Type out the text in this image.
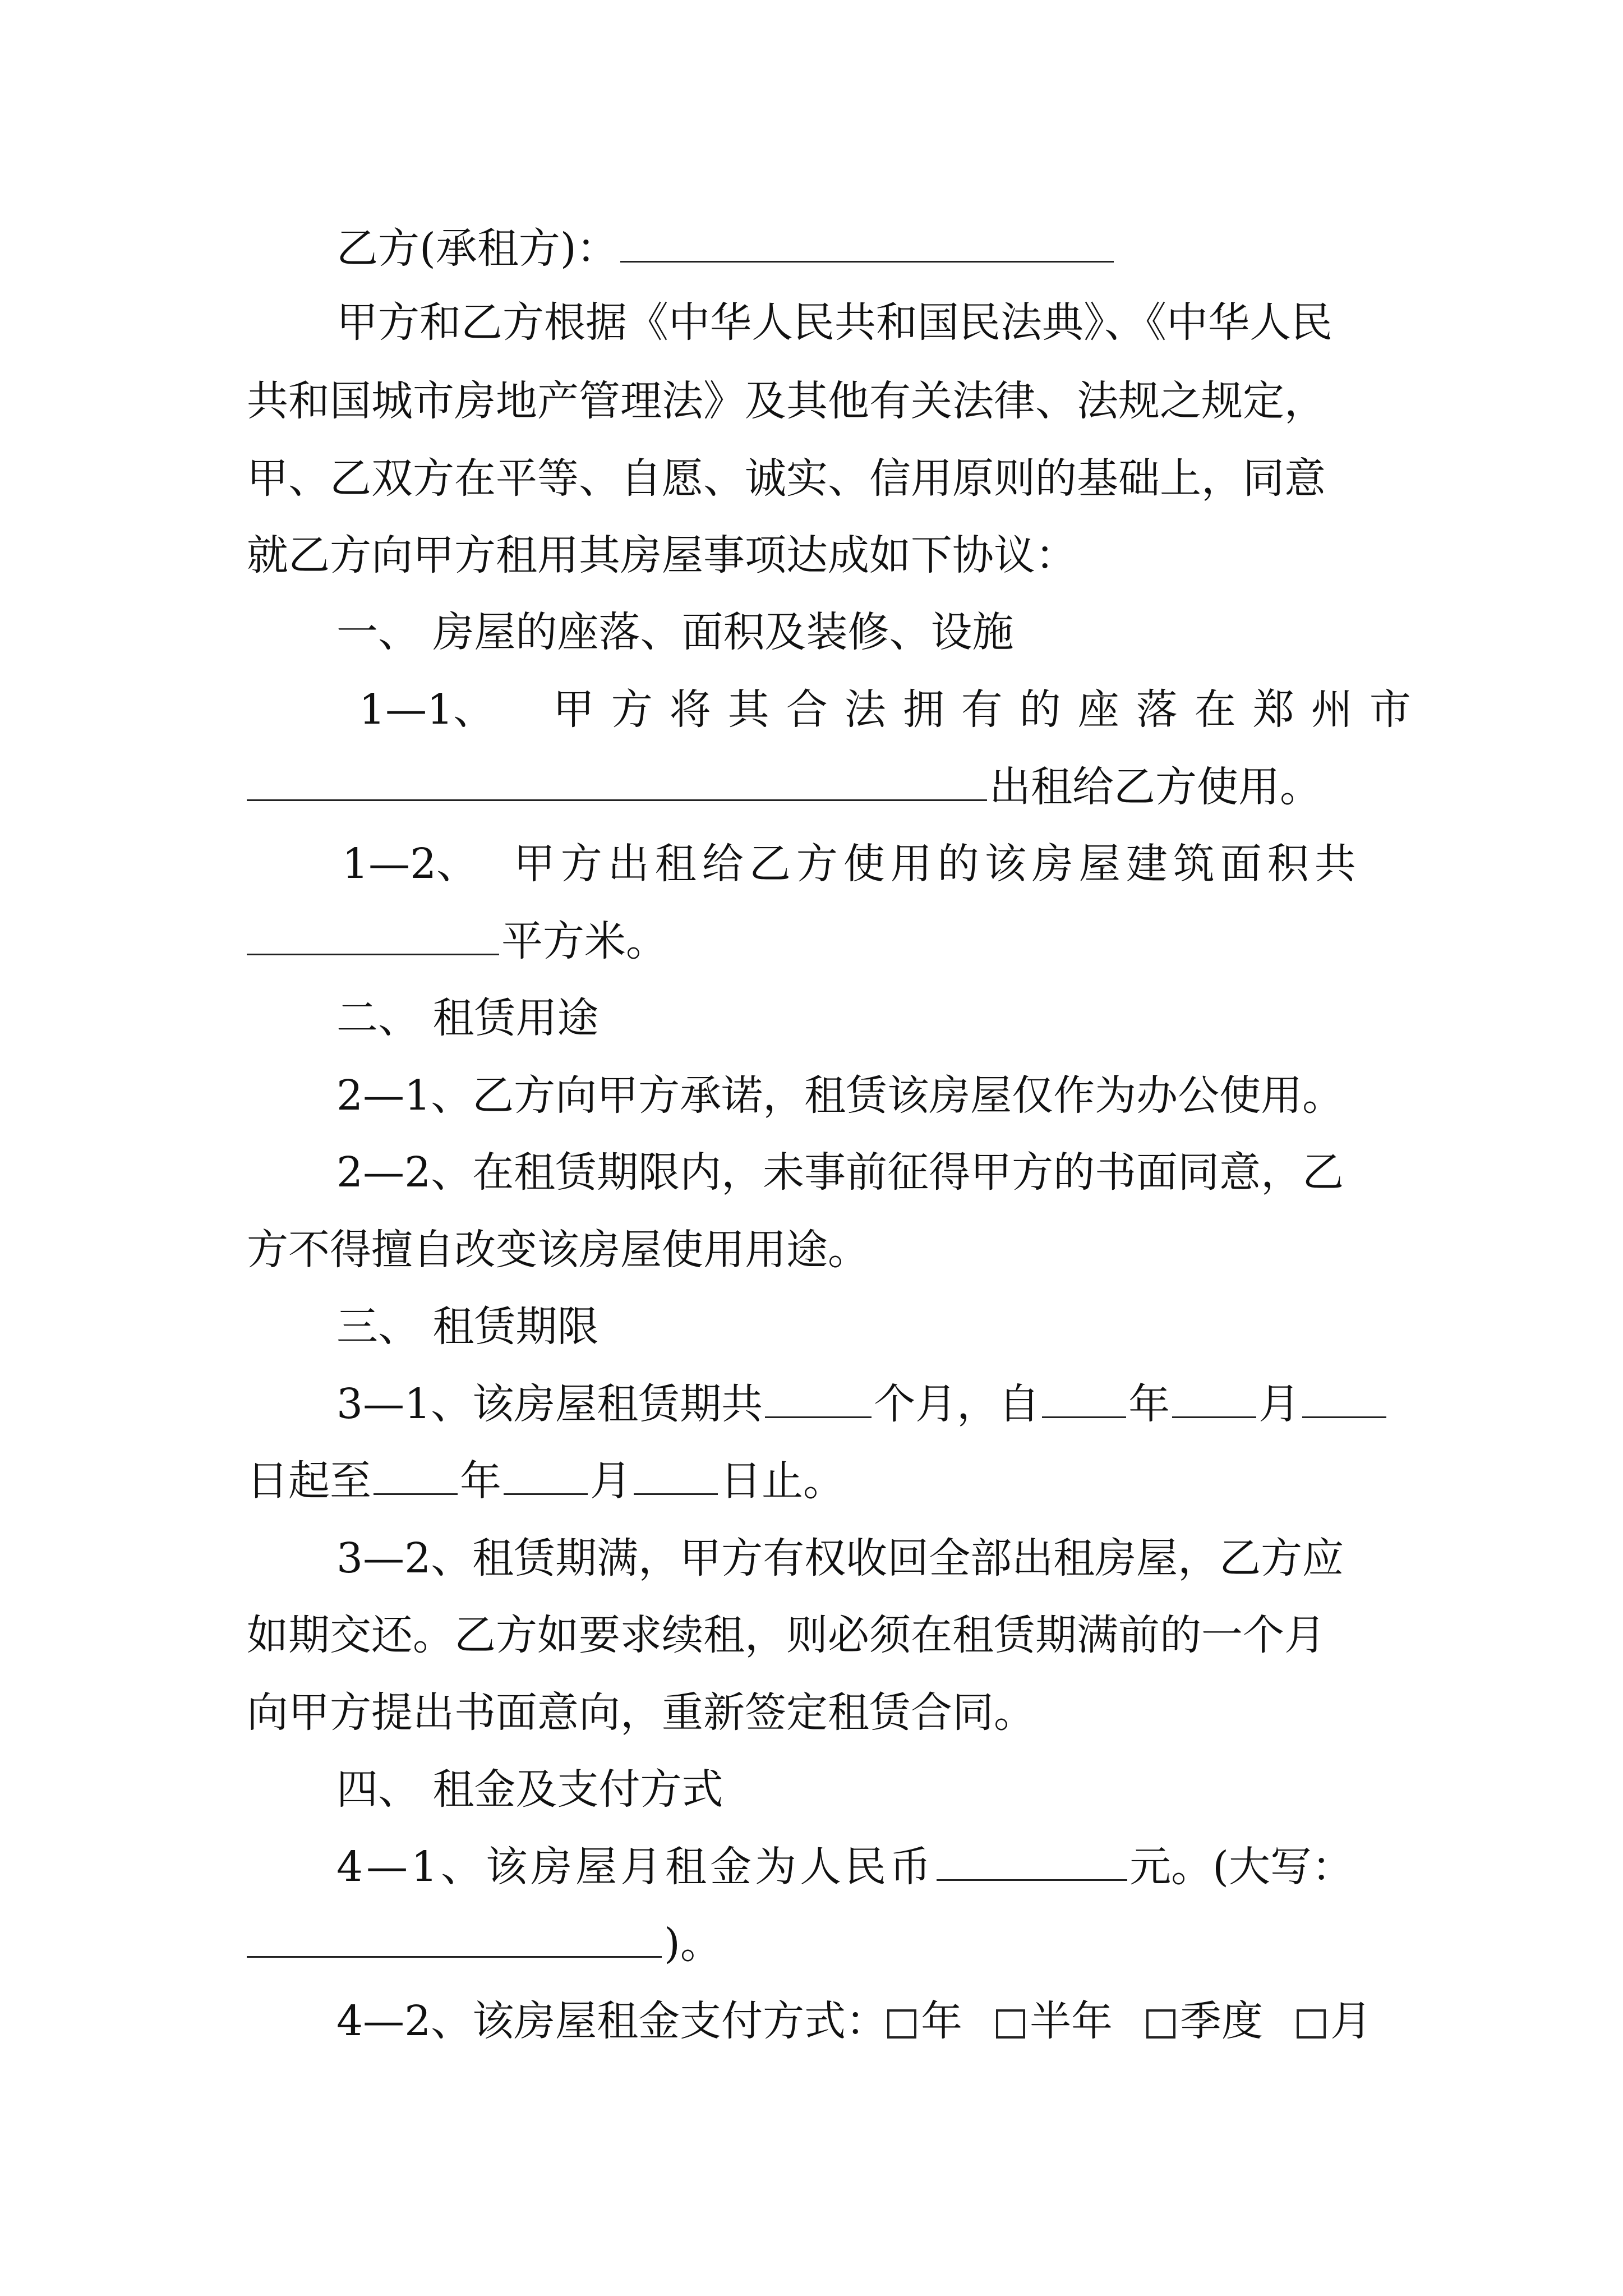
乙方(承租方)：
甲方和乙方根据《中华人民共和国民法典》、《中华人民
共和国城市房地产管理法》及其他有关法律、法规之规定，
甲、乙双方在平等、自愿、诚实、信用原则的基础上，同意
就乙方向甲方租用其房屋事项达成如下协议：
一、 房屋的座落、面积及装修、设施
1—1、 甲方将其合法拥有的座落在郑州市
出租给乙方使用。
1—2、 甲方出租给乙方使用的该房屋建筑面积共
平方米。
二、 租赁用途
2—1、乙方向甲方承诺，租赁该房屋仅作为办公使用。
2—2、在租赁期限内，未事前征得甲方的书面同意，乙
方不得擅自改变该房屋使用用途。
三、 租赁期限
3—1、该房屋租赁期共	个月，自 年 月
日起至 年 月 日止。
3—2、租赁期满，甲方有权收回全部出租房屋，乙方应
如期交还。乙方如要求续租，则必须在租赁期满前的一个月
向甲方提出书面意向，重新签定租赁合同。
四、 租金及支付方式
4—1、该房屋月租金为人民币	元。(大写：
)。
4—2、该房屋租金支付方式： 年 半年 季度 月
